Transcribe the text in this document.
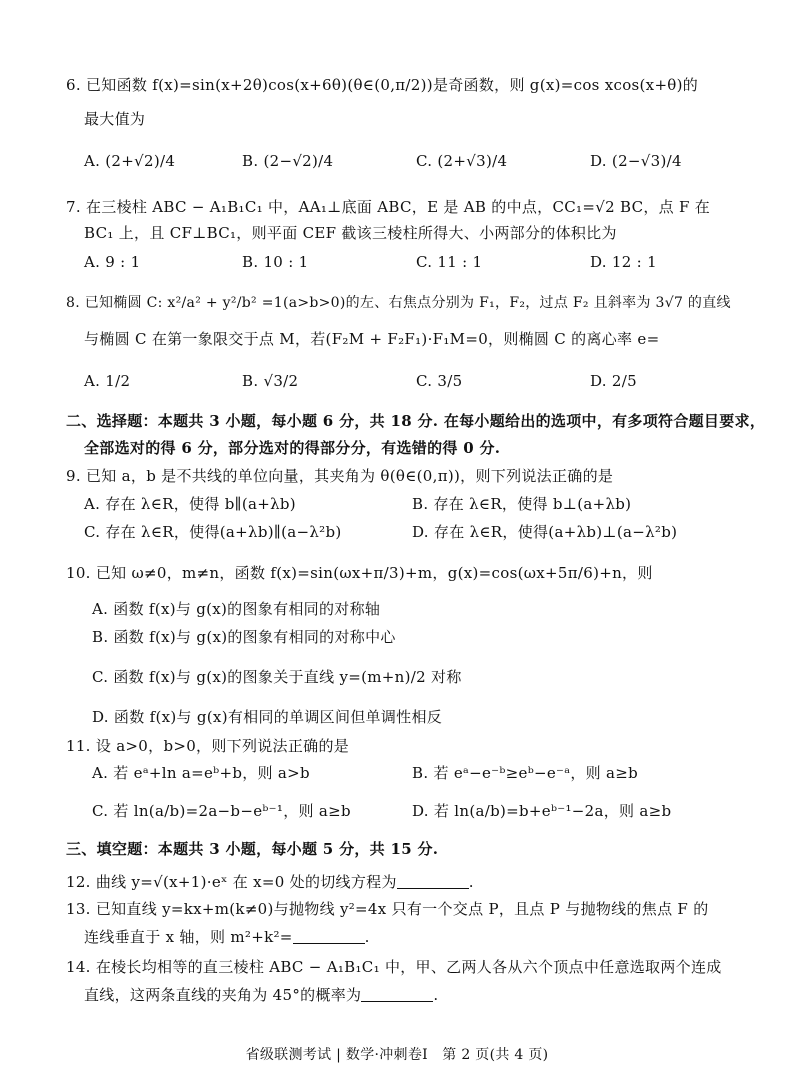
6. 已知函数 f(x)=sin(x+2θ)cos(x+6θ)(θ∈(0,π/2))是奇函数，则 g(x)=cos xcos(x+θ)的
最大值为
A. (2+√2)/4	B. (2−√2)/4	C. (2+√3)/4	D. (2−√3)/4
7. 在三棱柱 ABC − A₁B₁C₁ 中，AA₁⊥底面 ABC，E 是 AB 的中点，CC₁=√2 BC，点 F 在
BC₁ 上，且 CF⊥BC₁，则平面 CEF 截该三棱柱所得大、小两部分的体积比为
A. 9 : 1	B. 10 : 1	C. 11 : 1	D. 12 : 1
8. 已知椭圆 C: x²/a² + y²/b² =1(a>b>0)的左、右焦点分别为 F₁，F₂，过点 F₂ 且斜率为 3√7 的直线
与椭圆 C 在第一象限交于点 M，若(F₂M + F₂F₁)·F₁M=0，则椭圆 C 的离心率 e=
A. 1/2	B. √3/2	C. 3/5	D. 2/5
二、选择题：本题共 3 小题，每小题 6 分，共 18 分. 在每小题给出的选项中，有多项符合题目要求，
全部选对的得 6 分，部分选对的得部分分，有选错的得 0 分.
9. 已知 a，b 是不共线的单位向量，其夹角为 θ(θ∈(0,π))，则下列说法正确的是
A. 存在 λ∈R，使得 b∥(a+λb)	B. 存在 λ∈R，使得 b⊥(a+λb)
C. 存在 λ∈R，使得(a+λb)∥(a−λ²b)	D. 存在 λ∈R，使得(a+λb)⊥(a−λ²b)
10. 已知 ω≠0，m≠n，函数 f(x)=sin(ωx+π/3)+m，g(x)=cos(ωx+5π/6)+n，则
A. 函数 f(x)与 g(x)的图象有相同的对称轴
B. 函数 f(x)与 g(x)的图象有相同的对称中心
C. 函数 f(x)与 g(x)的图象关于直线 y=(m+n)/2 对称
D. 函数 f(x)与 g(x)有相同的单调区间但单调性相反
11. 设 a>0，b>0，则下列说法正确的是
A. 若 eᵃ+ln a=eᵇ+b，则 a>b	B. 若 eᵃ−e⁻ᵇ≥eᵇ−e⁻ᵃ，则 a≥b
C. 若 ln(a/b)=2a−b−eᵇ⁻¹，则 a≥b	D. 若 ln(a/b)=b+eᵇ⁻¹−2a，则 a≥b
三、填空题：本题共 3 小题，每小题 5 分，共 15 分.
12. 曲线 y=√(x+1)·eˣ 在 x=0 处的切线方程为	.
13. 已知直线 y=kx+m(k≠0)与抛物线 y²=4x 只有一个交点 P，且点 P 与抛物线的焦点 F 的
连线垂直于 x 轴，则 m²+k²=	.
14. 在棱长均相等的直三棱柱 ABC − A₁B₁C₁ 中，甲、乙两人各从六个顶点中任意选取两个连成
直线，这两条直线的夹角为 45°的概率为	.
省级联测考试 | 数学·冲刺卷Ⅰ　第 2 页(共 4 页)
